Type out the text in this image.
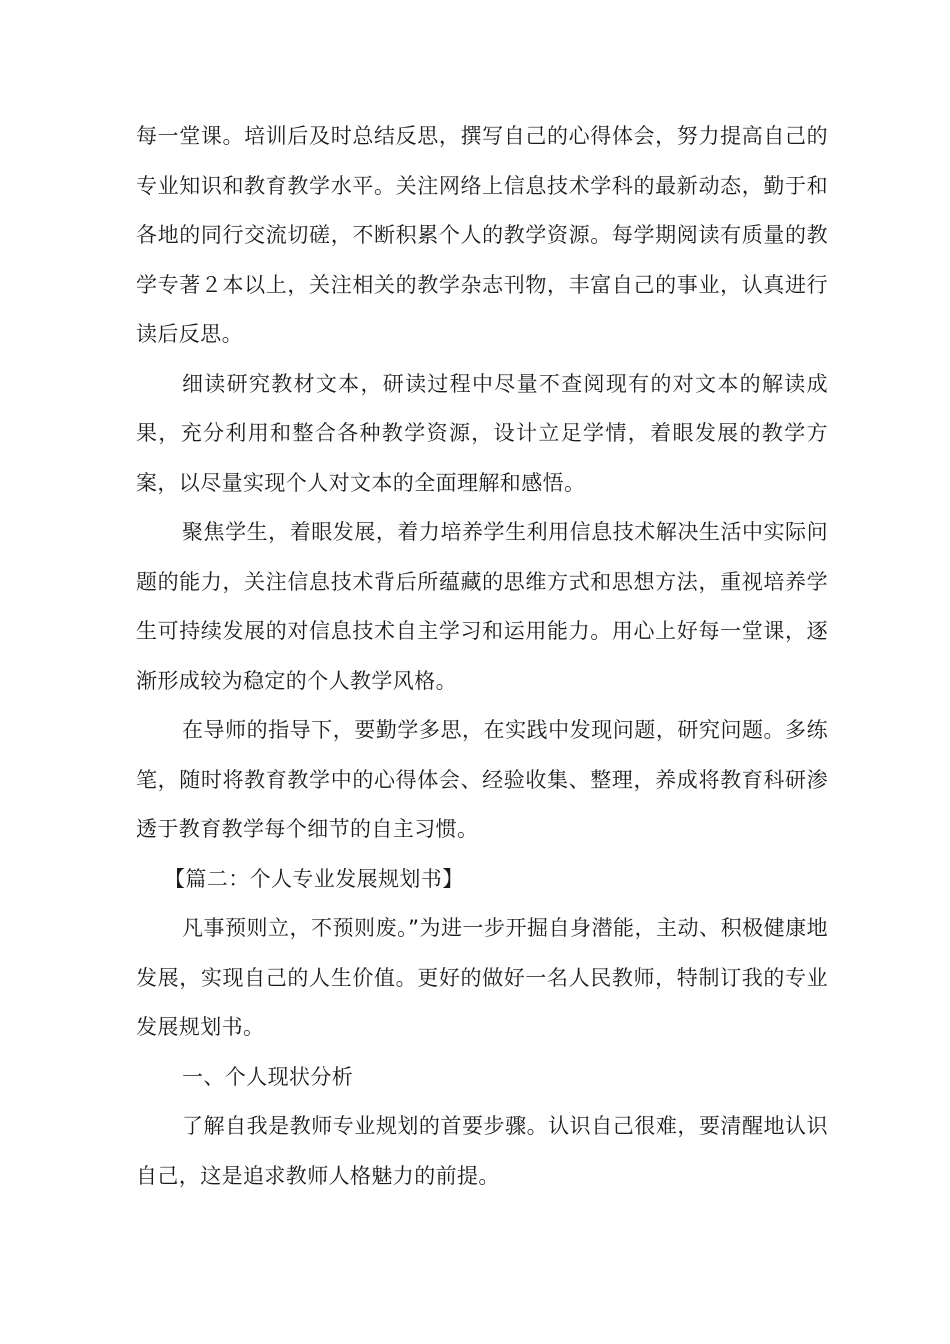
每一堂课。培训后及时总结反思，撰写自己的心得体会，努力提高自己的专业知识和教育教学水平。关注网络上信息技术学科的最新动态，勤于和各地的同行交流切磋，不断积累个人的教学资源。每学期阅读有质量的教学专著２本以上，关注相关的教学杂志刊物，丰富自己的事业，认真进行读后反思。

细读研究教材文本，研读过程中尽量不查阅现有的对文本的解读成果，充分利用和整合各种教学资源，设计立足学情，着眼发展的教学方案，以尽量实现个人对文本的全面理解和感悟。

聚焦学生，着眼发展，着力培养学生利用信息技术解决生活中实际问题的能力，关注信息技术背后所蕴藏的思维方式和思想方法，重视培养学生可持续发展的对信息技术自主学习和运用能力。用心上好每一堂课，逐渐形成较为稳定的个人教学风格。

在导师的指导下，要勤学多思，在实践中发现问题，研究问题。多练笔，随时将教育教学中的心得体会、经验收集、整理，养成将教育科研渗透于教育教学每个细节的自主习惯。

【篇二：个人专业发展规划书】

凡事预则立，不预则废。”为进一步开掘自身潜能，主动、积极健康地发展，实现自己的人生价值。更好的做好一名人民教师，特制订我的专业发展规划书。

一、个人现状分析

了解自我是教师专业规划的首要步骤。认识自己很难，要清醒地认识自己，这是追求教师人格魅力的前提。
